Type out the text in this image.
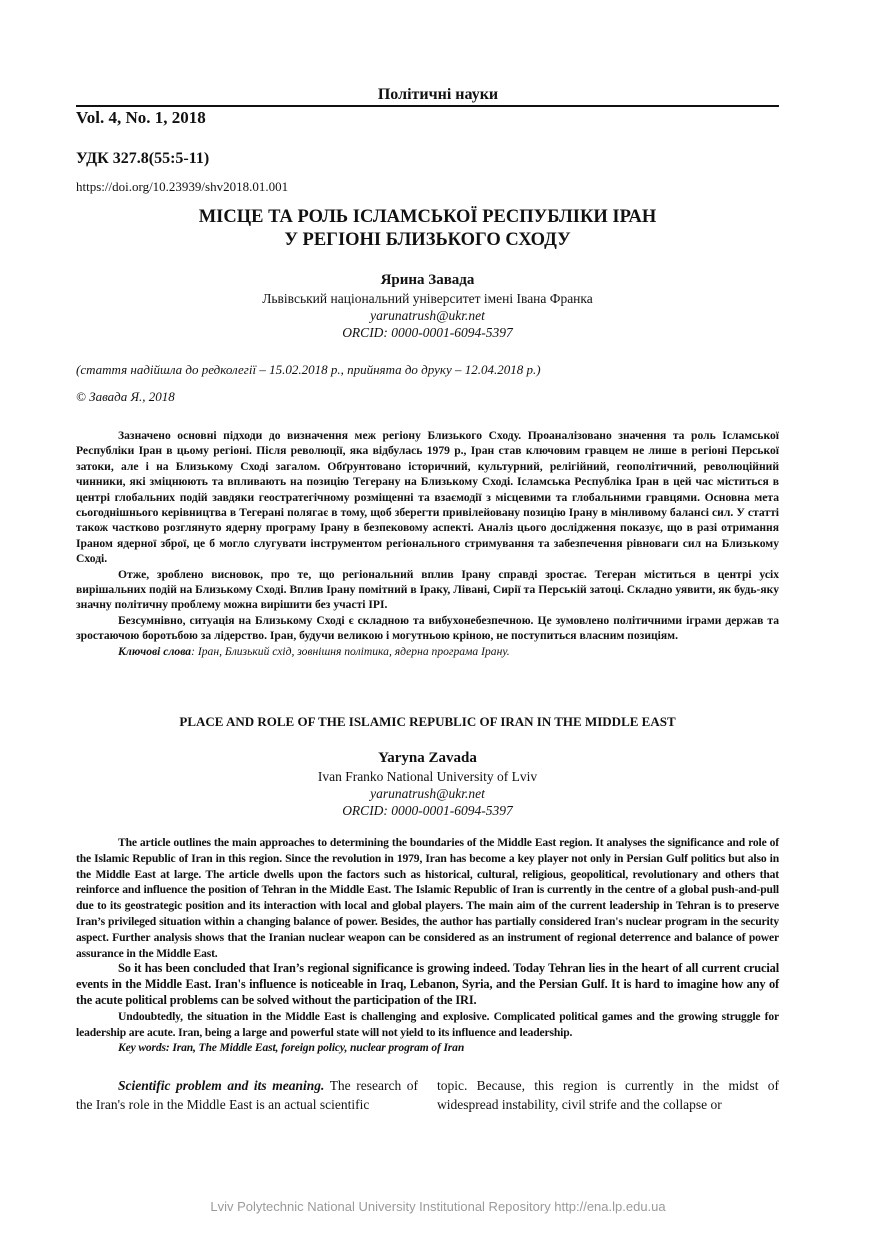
Політичні науки
Vol. 4, No. 1, 2018
УДК 327.8(55:5-11)
https://doi.org/10.23939/shv2018.01.001
МІСЦЕ ТА РОЛЬ ІСЛАМСЬКОЇ РЕСПУБЛІКИ ІРАН
У РЕГІОНІ БЛИЗЬКОГО СХОДУ
Ярина Завада
Львівський національний університет імені Івана Франка
yarunatrush@ukr.net
ORCID: 0000-0001-6094-5397
(стаття надійшла до редколегії – 15.02.2018 р., прийнята до друку – 12.04.2018 р.)
© Завада Я., 2018

Зазначено основні підходи до визначення меж регіону Близького Сходу. Проаналізовано значення та роль Ісламської Республіки Іран в цьому регіоні. Після революції, яка відбулась 1979 р., Іран став ключовим гравцем не лише в регіоні Перської затоки, але і на Близькому Сході загалом. Обґрунтовано історичний, культурний, релігійний, геополітичний, революційний чинники, які зміцнюють та впливають на позицію Тегерану на Близькому Сході. Ісламська Республіка Іран в цей час міститься в центрі глобальних подій завдяки геостратегічному розміщенні та взаємодії з місцевими та глобальними гравцями. Основна мета сьогоднішнього керівництва в Тегерані полягає в тому, щоб зберегти привілейовану позицію Ірану в мінливому балансі сил. У статті також частково розглянуто ядерну програму Ірану в безпековому аспекті. Аналіз цього дослідження показує, що в разі отримання Іраном ядерної зброї, це б могло слугувати інструментом регіонального стримування та забезпечення рівноваги сил на Близькому Сході.

Отже, зроблено висновок, про те, що регіональний вплив Ірану справді зростає. Тегеран міститься в центрі усіх вирішальних подій на Близькому Сході. Вплив Ірану помітний в Іраку, Лівані, Сирії та Перській затоці. Складно уявити, як будь-яку значну політичну проблему можна вирішити без участі ІРІ.

Безсумнівно, ситуація на Близькому Сході є складною та вибухонебезпечною. Це зумовлено політичними іграми держав та зростаючою боротьбою за лідерство. Іран, будучи великою і могутньою кріною, не поступиться власним позиціям.

Ключові слова: Іран, Близький схід, зовнішня політика, ядерна програма Ірану.

PLACE AND ROLE OF THE ISLAMIC REPUBLIC OF IRAN IN THE MIDDLE EAST
Yaryna Zavada
Ivan Franko National University of Lviv
yarunatrush@ukr.net
ORCID: 0000-0001-6094-5397

The article outlines the main approaches to determining the boundaries of the Middle East region. It analyses the significance and role of the Islamic Republic of Iran in this region. Since the revolution in 1979, Iran has become a key player not only in Persian Gulf politics but also in the Middle East at large. The article dwells upon the factors such as historical, cultural, religious, geopolitical, revolutionary and others that reinforce and influence the position of Tehran in the Middle East. The Islamic Republic of Iran is currently in the centre of a global push-and-pull due to its geostrategic position and its interaction with local and global players. The main aim of the current leadership in Tehran is to preserve Iran’s privileged situation within a changing balance of power. Besides, the author has partially considered Iran's nuclear program in the security aspect. Further analysis shows that the Iranian nuclear weapon can be considered as an instrument of regional deterrence and balance of power assurance in the Middle East.

So it has been concluded that Iran’s regional significance is growing indeed. Today Tehran lies in the heart of all current crucial events in the Middle East. Iran's influence is noticeable in Iraq, Lebanon, Syria, and the Persian Gulf. It is hard to imagine how any of the acute political problems can be solved without the participation of the IRI.

Undoubtedly, the situation in the Middle East is challenging and explosive. Complicated political games and the growing struggle for leadership are acute. Iran, being a large and powerful state will not yield to its influence and leadership.

Key words: Iran, The Middle East, foreign policy, nuclear program of Iran

Scientific problem and its meaning. The research of the Iran's role in the Middle East is an actual scientific

topic. Because, this region is currently in the midst of widespread instability, civil strife and the collapse or

Lviv Polytechnic National University Institutional Repository http://ena.lp.edu.ua
